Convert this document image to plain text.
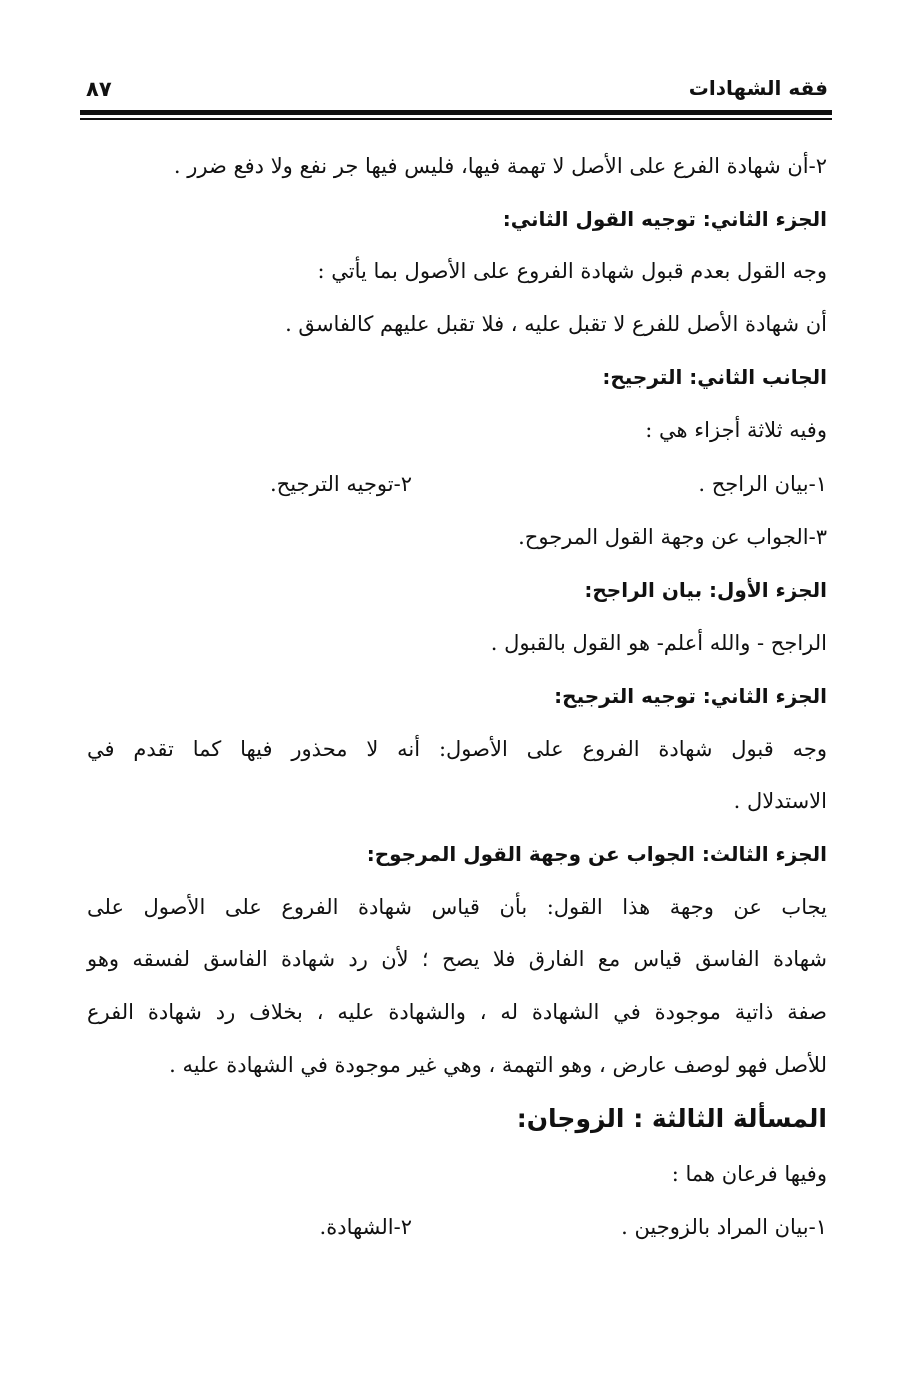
فقه الشهادات
٨٧
٢-أن شهادة الفرع على الأصل لا تهمة فيها، فليس فيها جر نفع ولا دفع ضرر .
الجزء الثاني: توجيه القول الثاني:
وجه القول بعدم قبول شهادة الفروع على الأصول بما يأتي :
أن شهادة الأصل للفرع لا تقبل عليه ، فلا تقبل عليهم كالفاسق .
الجانب الثاني: الترجيح:
وفيه ثلاثة أجزاء هي :
١-بيان الراجح .
٢-توجيه الترجيح.
٣-الجواب عن وجهة القول المرجوح.
الجزء الأول: بيان الراجح:
الراجح - والله أعلم- هو القول بالقبول .
الجزء الثاني: توجيه الترجيح:
وجه قبول شهادة الفروع على الأصول: أنه لا محذور فيها كما تقدم في
الاستدلال .
الجزء الثالث: الجواب عن وجهة القول المرجوح:
يجاب عن وجهة هذا القول: بأن قياس شهادة الفروع على الأصول على
شهادة الفاسق قياس مع الفارق فلا يصح ؛ لأن رد شهادة الفاسق لفسقه وهو
صفة ذاتية موجودة في الشهادة له ، والشهادة عليه ، بخلاف رد شهادة الفرع
للأصل فهو لوصف عارض ، وهو التهمة ، وهي غير موجودة في الشهادة عليه .
المسألة الثالثة : الزوجان:
وفيها فرعان هما :
١-بيان المراد بالزوجين .
٢-الشهادة.
